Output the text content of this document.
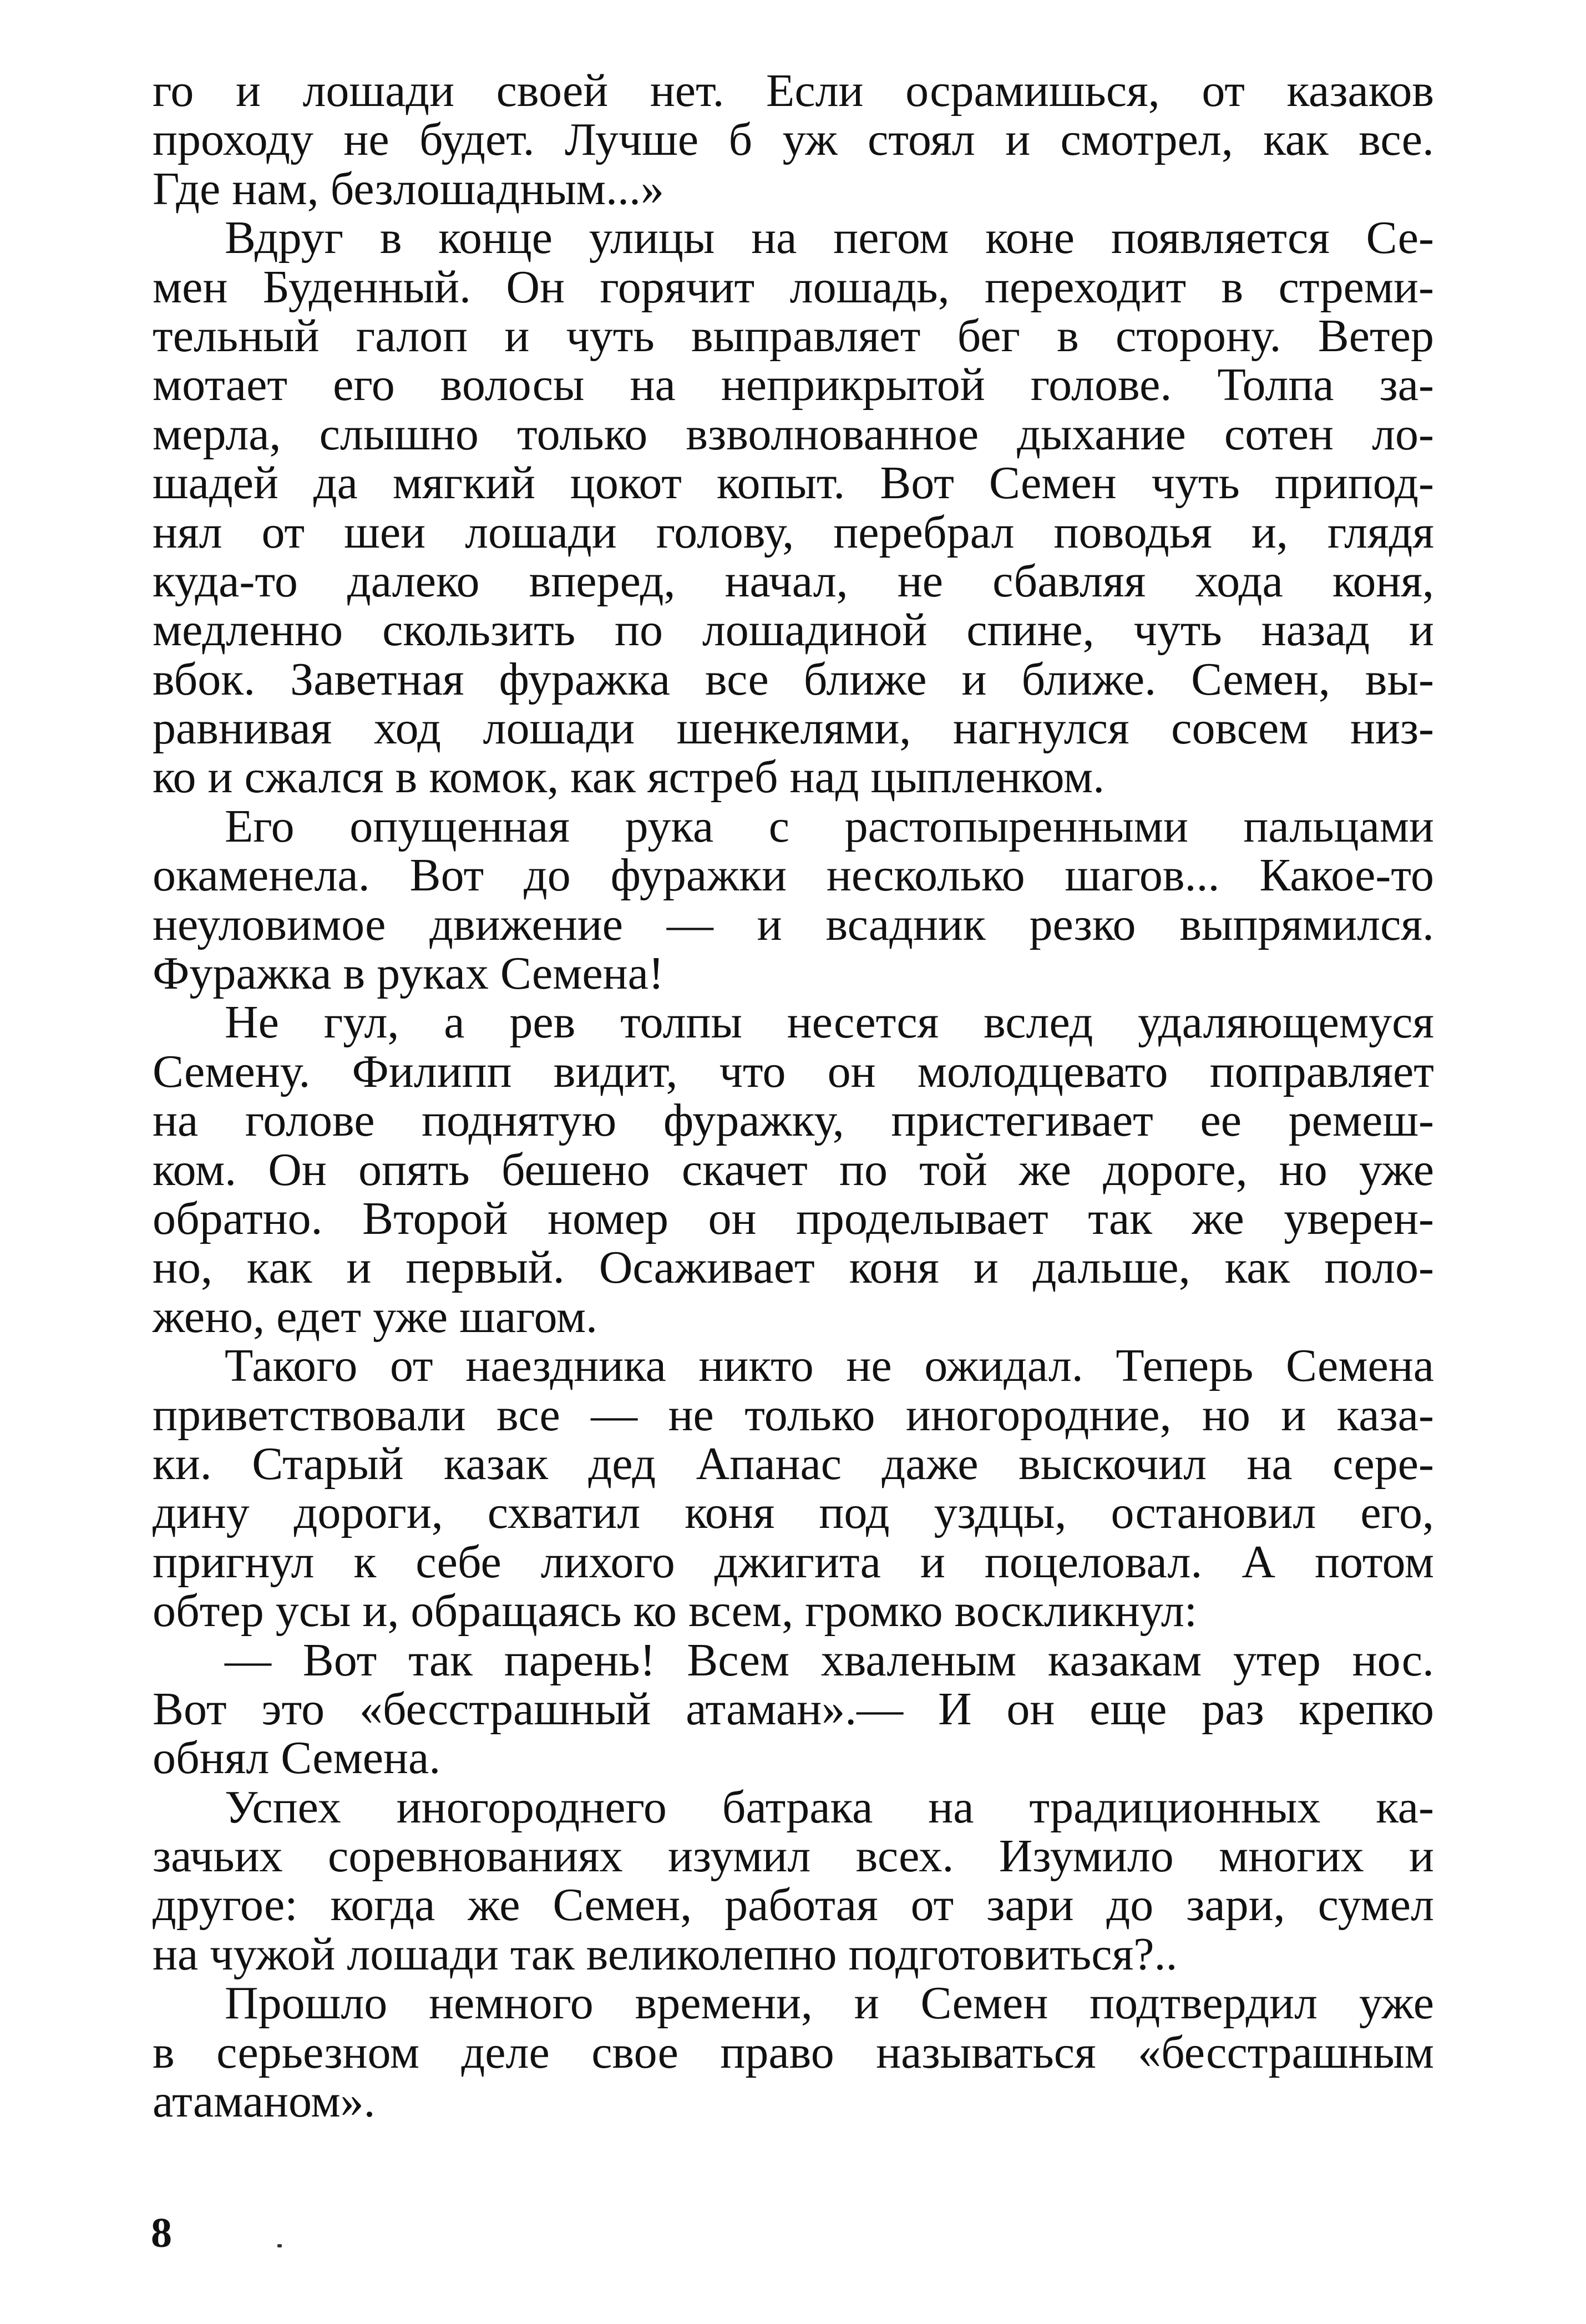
го и лошади своей нет. Если осрамишься, от казаков
проходу не будет. Лучше б уж стоял и смотрел, как все.
Где нам, безлошадным...»
Вдруг в конце улицы на пегом коне появляется Се-
мен Буденный. Он горячит лошадь, переходит в стреми-
тельный галоп и чуть выправляет бег в сторону. Ветер
мотает его волосы на неприкрытой голове. Толпа за-
мерла, слышно только взволнованное дыхание сотен ло-
шадей да мягкий цокот копыт. Вот Семен чуть припод-
нял от шеи лошади голову, перебрал поводья и, глядя
куда-то далеко вперед, начал, не сбавляя хода коня,
медленно скользить по лошадиной спине, чуть назад и
вбок. Заветная фуражка все ближе и ближе. Семен, вы-
равнивая ход лошади шенкелями, нагнулся совсем низ-
ко и сжался в комок, как ястреб над цыпленком.
Его опущенная рука с растопыренными пальцами
окаменела. Вот до фуражки несколько шагов... Какое-то
неуловимое движение — и всадник резко выпрямился.
Фуражка в руках Семена!
Не гул, а рев толпы несется вслед удаляющемуся
Семену. Филипп видит, что он молодцевато поправляет
на голове поднятую фуражку, пристегивает ее ремеш-
ком. Он опять бешено скачет по той же дороге, но уже
обратно. Второй номер он проделывает так же уверен-
но, как и первый. Осаживает коня и дальше, как поло-
жено, едет уже шагом.
Такого от наездника никто не ожидал. Теперь Семена
приветствовали все — не только иногородние, но и каза-
ки. Старый казак дед Апанас даже выскочил на сере-
дину дороги, схватил коня под уздцы, остановил его,
пригнул к себе лихого джигита и поцеловал. А потом
обтер усы и, обращаясь ко всем, громко воскликнул:
— Вот так парень! Всем хваленым казакам утер нос.
Вот это «бесстрашный атаман».— И он еще раз крепко
обнял Семена.
Успех иногороднего батрака на традиционных ка-
зачьих соревнованиях изумил всех. Изумило многих и
другое: когда же Семен, работая от зари до зари, сумел
на чужой лошади так великолепно подготовиться?..
Прошло немного времени, и Семен подтвердил уже
в серьезном деле свое право называться «бесстрашным
атаманом».
8
